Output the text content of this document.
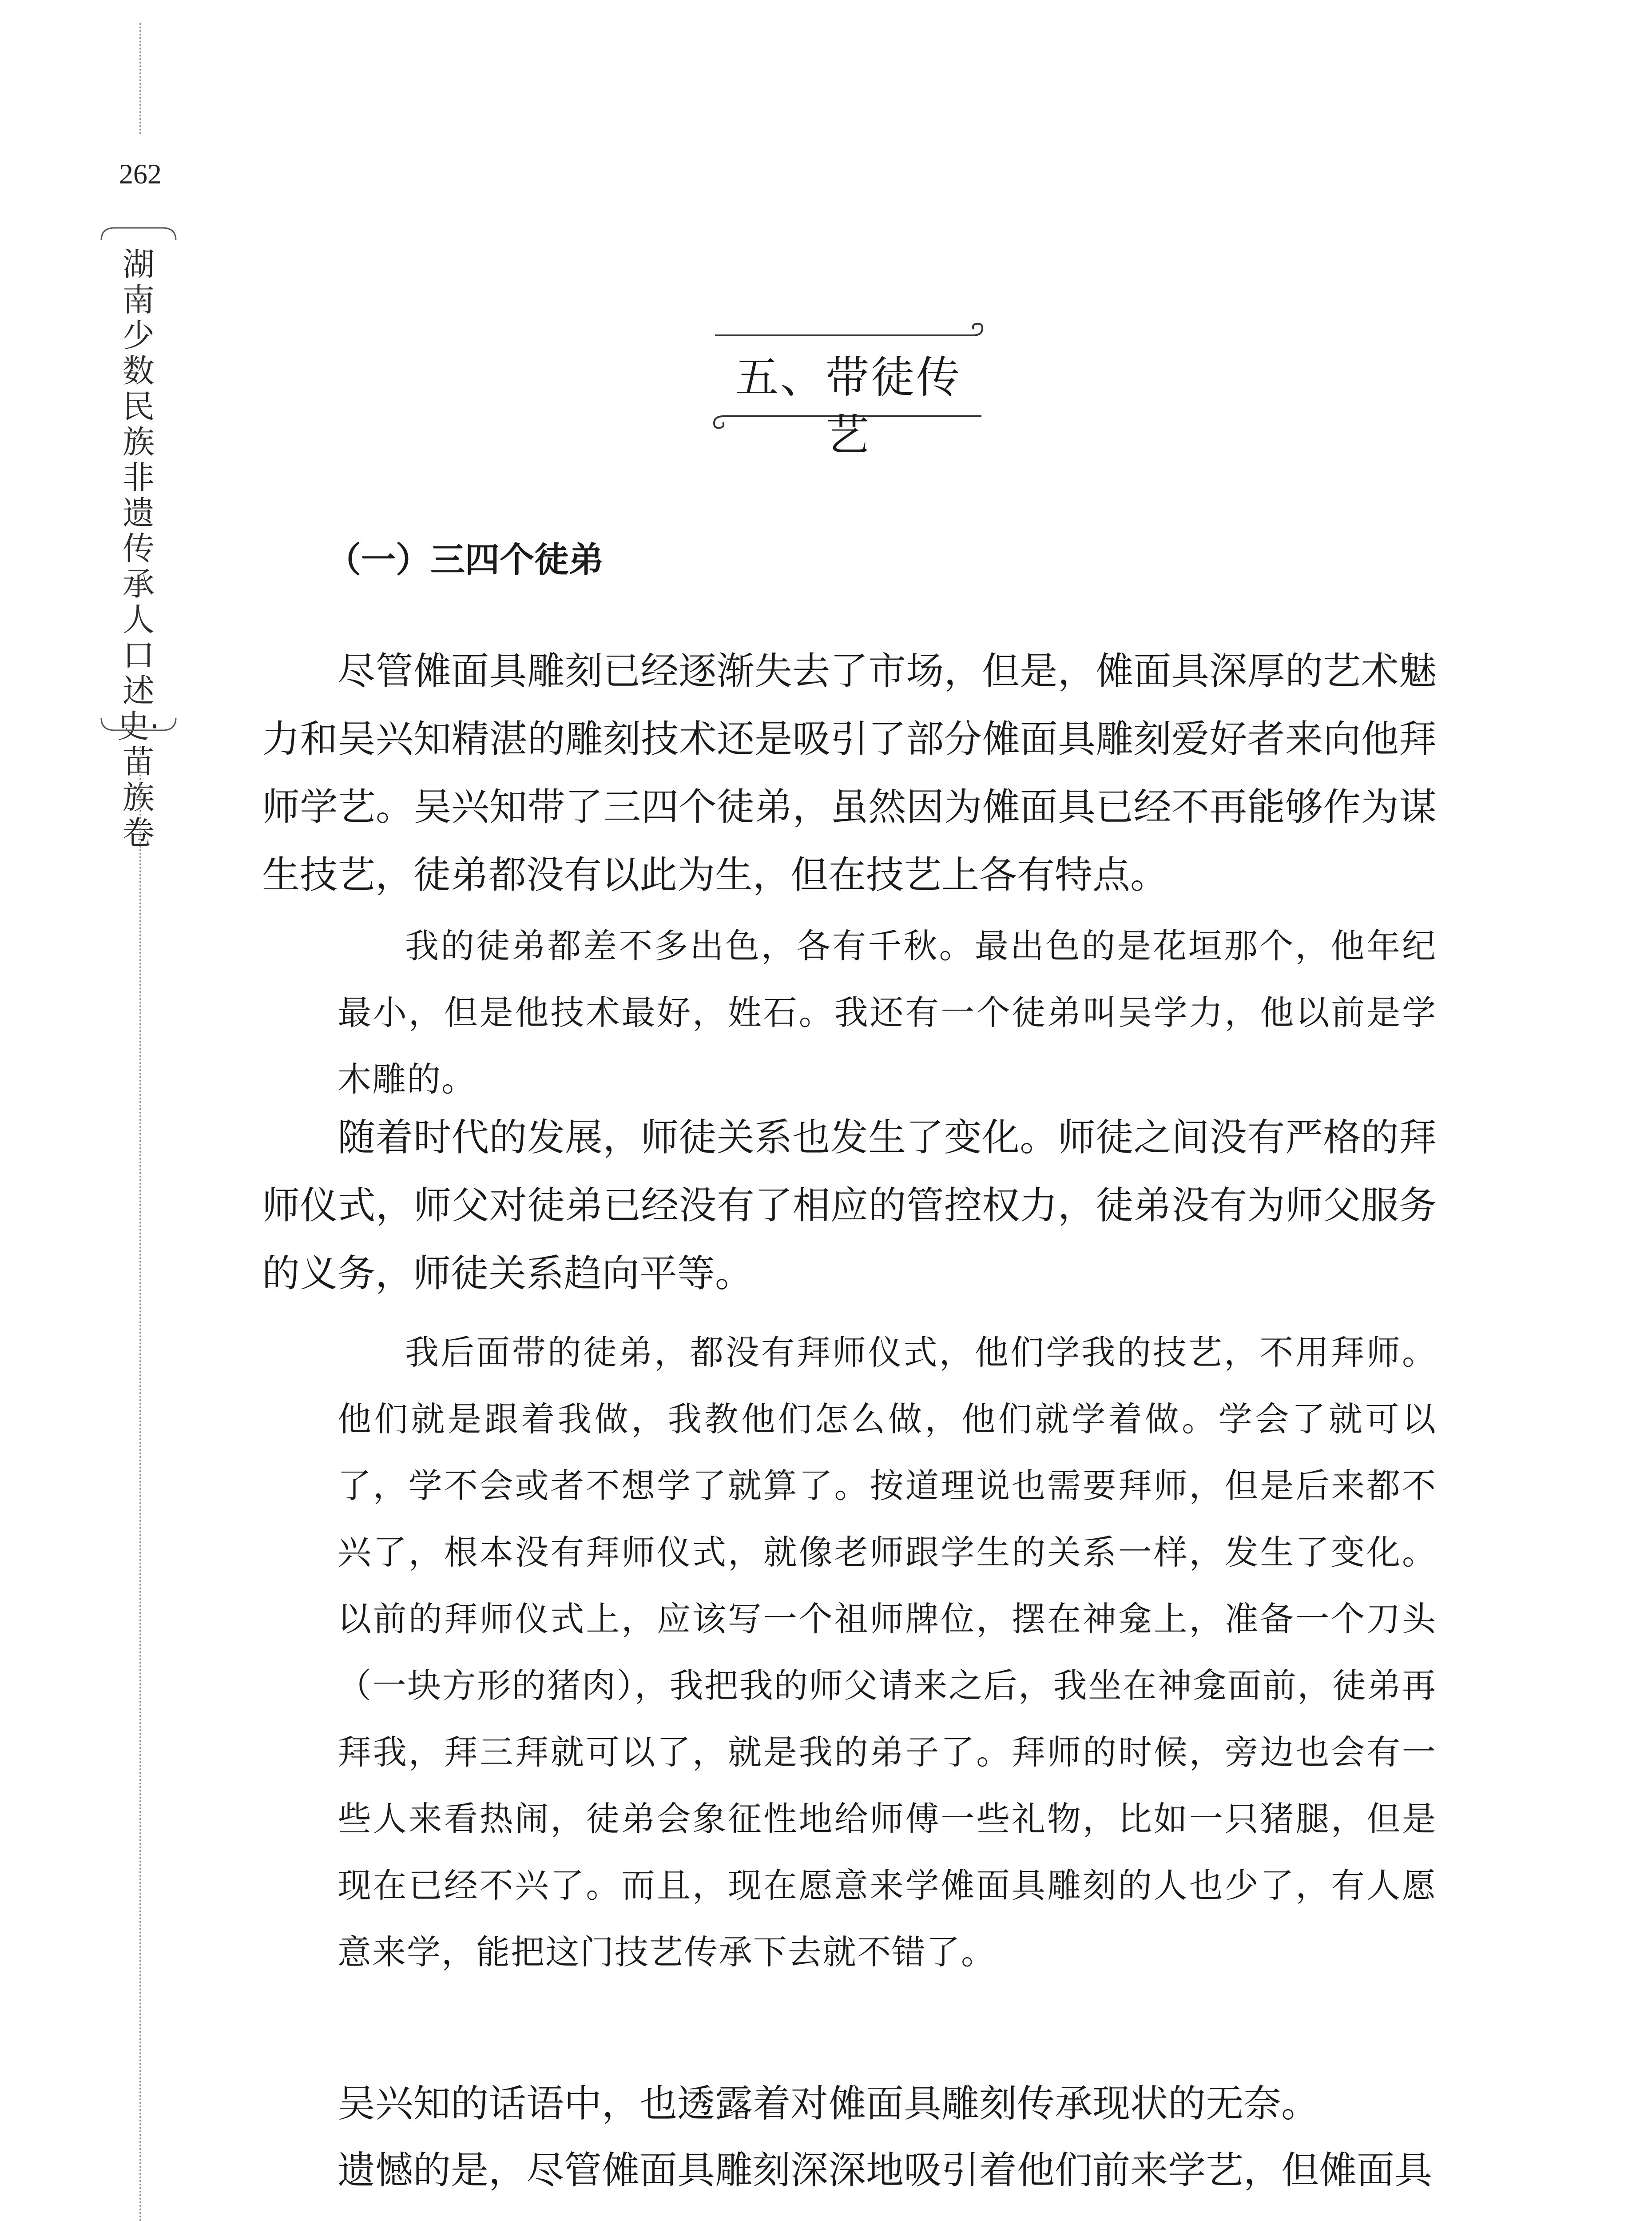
262
湖南少数民族非遗传承人口述史·苗族卷
五、带徒传艺
（一）三四个徒弟

尽管傩面具雕刻已经逐渐失去了市场，但是，傩面具深厚的艺术魅力和吴兴知精湛的雕刻技术还是吸引了部分傩面具雕刻爱好者来向他拜师学艺。吴兴知带了三四个徒弟，虽然因为傩面具已经不再能够作为谋生技艺，徒弟都没有以此为生，但在技艺上各有特点。

我的徒弟都差不多出色，各有千秋。最出色的是花垣那个，他年纪最小，但是他技术最好，姓石。我还有一个徒弟叫吴学力，他以前是学木雕的。

随着时代的发展，师徒关系也发生了变化。师徒之间没有严格的拜师仪式，师父对徒弟已经没有了相应的管控权力，徒弟没有为师父服务的义务，师徒关系趋向平等。

我后面带的徒弟，都没有拜师仪式，他们学我的技艺，不用拜师。他们就是跟着我做，我教他们怎么做，他们就学着做。学会了就可以了，学不会或者不想学了就算了。按道理说也需要拜师，但是后来都不兴了，根本没有拜师仪式，就像老师跟学生的关系一样，发生了变化。以前的拜师仪式上，应该写一个祖师牌位，摆在神龛上，准备一个刀头（一块方形的猪肉），我把我的师父请来之后，我坐在神龛面前，徒弟再拜我，拜三拜就可以了，就是我的弟子了。拜师的时候，旁边也会有一些人来看热闹，徒弟会象征性地给师傅一些礼物，比如一只猪腿，但是现在已经不兴了。而且，现在愿意来学傩面具雕刻的人也少了，有人愿意来学，能把这门技艺传承下去就不错了。

吴兴知的话语中，也透露着对傩面具雕刻传承现状的无奈。

遗憾的是，尽管傩面具雕刻深深地吸引着他们前来学艺，但傩面具
